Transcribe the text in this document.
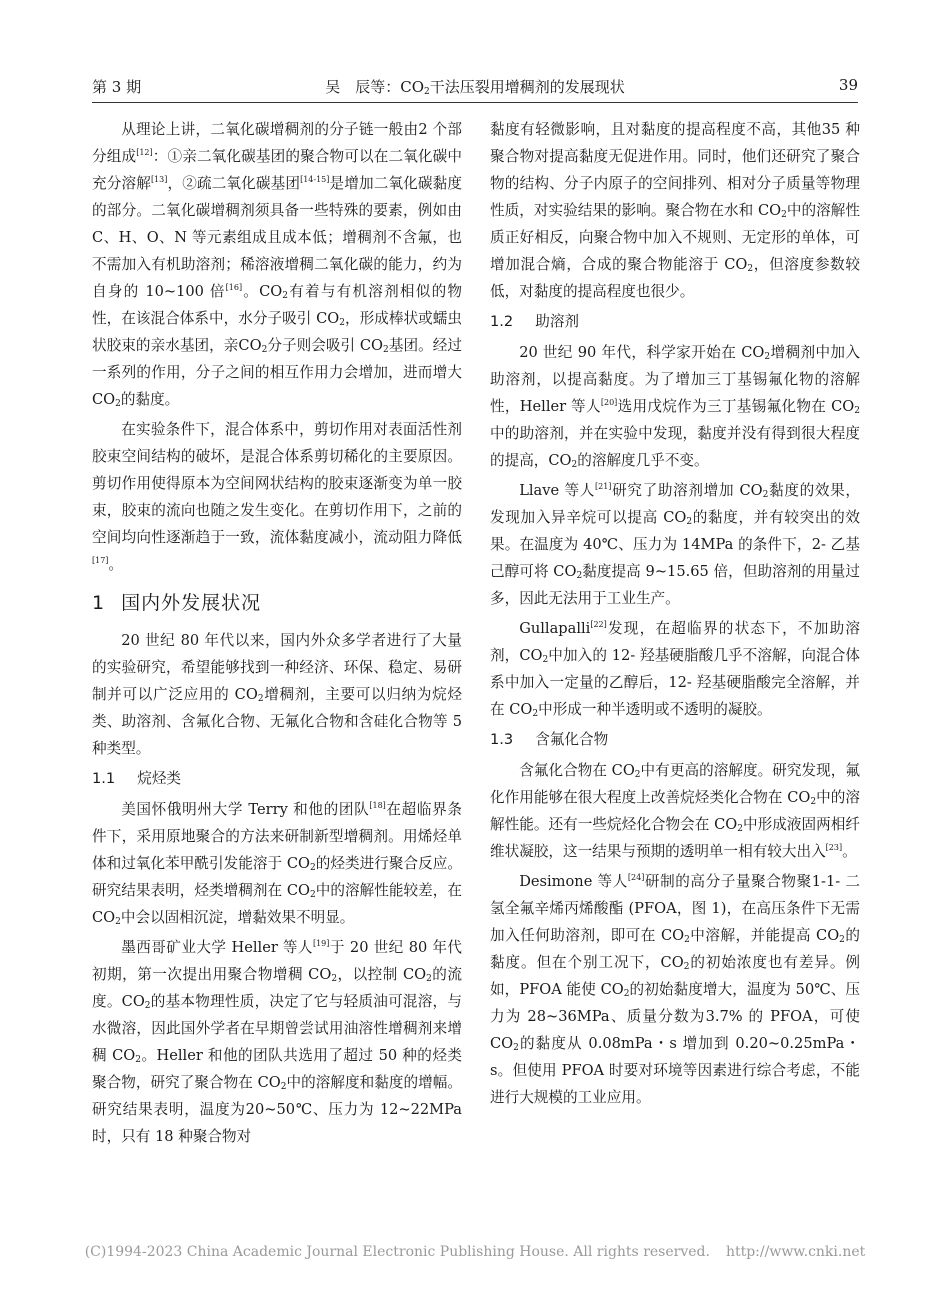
第 3 期	吴　辰等：$CO_2$干法压裂用增稠剂的发展现状	39

从理论上讲，二氧化碳增稠剂的分子链一般由2 个部分组成[12]：①亲二氧化碳基团的聚合物可以在二氧化碳中充分溶解[13]，②疏二氧化碳基团[14-15]是增加二氧化碳黏度的部分。二氧化碳增稠剂须具备一些特殊的要素，例如由 C、H、O、N 等元素组成且成本低；增稠剂不含氟，也不需加入有机助溶剂；稀溶液增稠二氧化碳的能力，约为自身的 10~100 倍[16]。$CO_2$有着与有机溶剂相似的物性，在该混合体系中，水分子吸引 $CO_2$，形成棒状或蠕虫状胶束的亲水基团，亲$CO_2$分子则会吸引 $CO_2$基团。经过一系列的作用，分子之间的相互作用力会增加，进而增大 $CO_2$的黏度。

在实验条件下，混合体系中，剪切作用对表面活性剂胶束空间结构的破坏，是混合体系剪切稀化的主要原因。剪切作用使得原本为空间网状结构的胶束逐渐变为单一胶束，胶束的流向也随之发生变化。在剪切作用下，之前的空间均向性逐渐趋于一致，流体黏度减小，流动阻力降低[17]。

1 国内外发展状况

20 世纪 80 年代以来，国内外众多学者进行了大量的实验研究，希望能够找到一种经济、环保、稳定、易研制并可以广泛应用的 $CO_2$增稠剂，主要可以归纳为烷烃类、助溶剂、含氟化合物、无氟化合物和含硅化合物等 5 种类型。

1.1 烷烃类

美国怀俄明州大学 Terry 和他的团队[18]在超临界条件下，采用原地聚合的方法来研制新型增稠剂。用烯烃单体和过氧化苯甲酰引发能溶于 $CO_2$的烃类进行聚合反应。研究结果表明，烃类增稠剂在 $CO_2$中的溶解性能较差，在 $CO_2$中会以固相沉淀，增黏效果不明显。

墨西哥矿业大学 Heller 等人[19]于 20 世纪 80 年代初期，第一次提出用聚合物增稠 $CO_2$，以控制 $CO_2$的流度。$CO_2$的基本物理性质，决定了它与轻质油可混溶，与水微溶，因此国外学者在早期曾尝试用油溶性增稠剂来增稠 $CO_2$。Heller 和他的团队共选用了超过 50 种的烃类聚合物，研究了聚合物在 $CO_2$中的溶解度和黏度的增幅。研究结果表明，温度为20~50℃、压力为 12~22MPa 时，只有 18 种聚合物对

黏度有轻微影响，且对黏度的提高程度不高，其他35 种聚合物对提高黏度无促进作用。同时，他们还研究了聚合物的结构、分子内原子的空间排列、相对分子质量等物理性质，对实验结果的影响。聚合物在水和 $CO_2$中的溶解性质正好相反，向聚合物中加入不规则、无定形的单体，可增加混合熵，合成的聚合物能溶于 $CO_2$，但溶度参数较低，对黏度的提高程度也很少。

1.2 助溶剂

20 世纪 90 年代，科学家开始在 $CO_2$增稠剂中加入助溶剂，以提高黏度。为了增加三丁基锡氟化物的溶解性，Heller 等人[20]选用戊烷作为三丁基锡氟化物在 $CO_2$中的助溶剂，并在实验中发现，黏度并没有得到很大程度的提高，$CO_2$的溶解度几乎不变。

Llave 等人[21]研究了助溶剂增加 $CO_2$黏度的效果，发现加入异辛烷可以提高 $CO_2$的黏度，并有较突出的效果。在温度为 40℃、压力为 14MPa 的条件下，2- 乙基己醇可将 $CO_2$黏度提高 9~15.65 倍，但助溶剂的用量过多，因此无法用于工业生产。

Gullapalli[22]发现，在超临界的状态下，不加助溶剂，$CO_2$中加入的 12- 羟基硬脂酸几乎不溶解，向混合体系中加入一定量的乙醇后，12- 羟基硬脂酸完全溶解，并在 $CO_2$中形成一种半透明或不透明的凝胶。

1.3 含氟化合物

含氟化合物在 $CO_2$中有更高的溶解度。研究发现，氟化作用能够在很大程度上改善烷烃类化合物在 $CO_2$中的溶解性能。还有一些烷烃化合物会在 $CO_2$中形成液固两相纤维状凝胶，这一结果与预期的透明单一相有较大出入[23]。

Desimone 等人[24]研制的高分子量聚合物聚1-1- 二氢全氟辛烯丙烯酸酯 (PFOA，图 1)，在高压条件下无需加入任何助溶剂，即可在 $CO_2$中溶解，并能提高 $CO_2$的黏度。但在个别工况下，$CO_2$的初始浓度也有差异。例如，PFOA 能使 $CO_2$的初始黏度增大，温度为 50℃、压力为 28~36MPa、质量分数为3.7% 的 PFOA，可使 $CO_2$的黏度从 0.08mPa・s 增加到 0.20~0.25mPa・s。但使用 PFOA 时要对环境等因素进行综合考虑，不能进行大规模的工业应用。

(C)1994-2023 China Academic Journal Electronic Publishing House. All rights reserved. http://www.cnki.net
